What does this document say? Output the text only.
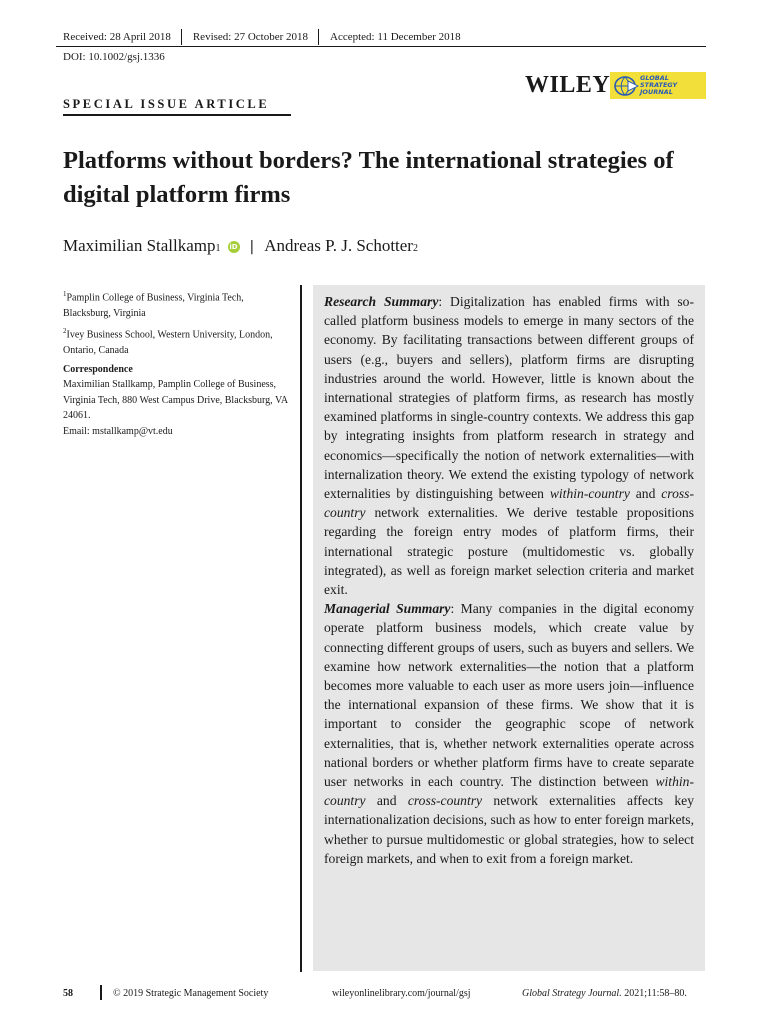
Received: 28 April 2018	Revised: 27 October 2018	Accepted: 11 December 2018
DOI: 10.1002/gsj.1336
WILEY	GLOBAL
STRATEGY
JOURNAL
SPECIAL ISSUE ARTICLE
Platforms without borders? The international strategies of digital platform firms
Maximilian Stallkamp 1 iD | Andreas P. J. Schotter 2

$^1$Pamplin College of Business, Virginia Tech, Blacksburg, Virginia

$^2$Ivey Business School, Western University, London, Ontario, Canada

Correspondence

Maximilian Stallkamp, Pamplin College of Business, Virginia Tech, 880 West Campus Drive, Blacksburg, VA 24061.

Email: mstallkamp@vt.edu

Research Summary: Digitalization has enabled firms with so-called platform business models to emerge in many sectors of the economy. By facilitating transactions between different groups of users (e.g., buyers and sellers), platform firms are disrupting industries around the world. However, little is known about the international strategies of platform firms, as research has mostly examined platforms in single-country contexts. We address this gap by integrating insights from platform research in strategy and economics—specifically the notion of network externalities—with internalization theory. We extend the existing typology of network externalities by distinguishing between within-country and cross-country network externalities. We derive testable propositions regarding the foreign entry modes of platform firms, their international strategic posture (multidomestic vs. globally integrated), as well as foreign market selection criteria and market exit.

Managerial Summary: Many companies in the digital economy operate platform business models, which create value by connecting different groups of users, such as buyers and sellers. We examine how network externalities—the notion that a platform becomes more valuable to each user as more users join—influence the international expansion of these firms. We show that it is important to consider the geographic scope of network externalities, that is, whether network externalities operate across national borders or whether platform firms have to create separate user networks in each country. The distinction between within-country and cross-country network externalities affects key internationalization decisions, such as how to enter foreign markets, whether to pursue multidomestic or global strategies, how to select foreign markets, and when to exit from a foreign market.

58	© 2019 Strategic Management Society	wileyonlinelibrary.com/journal/gsj	Global Strategy Journal. 2021;11:58–80.
